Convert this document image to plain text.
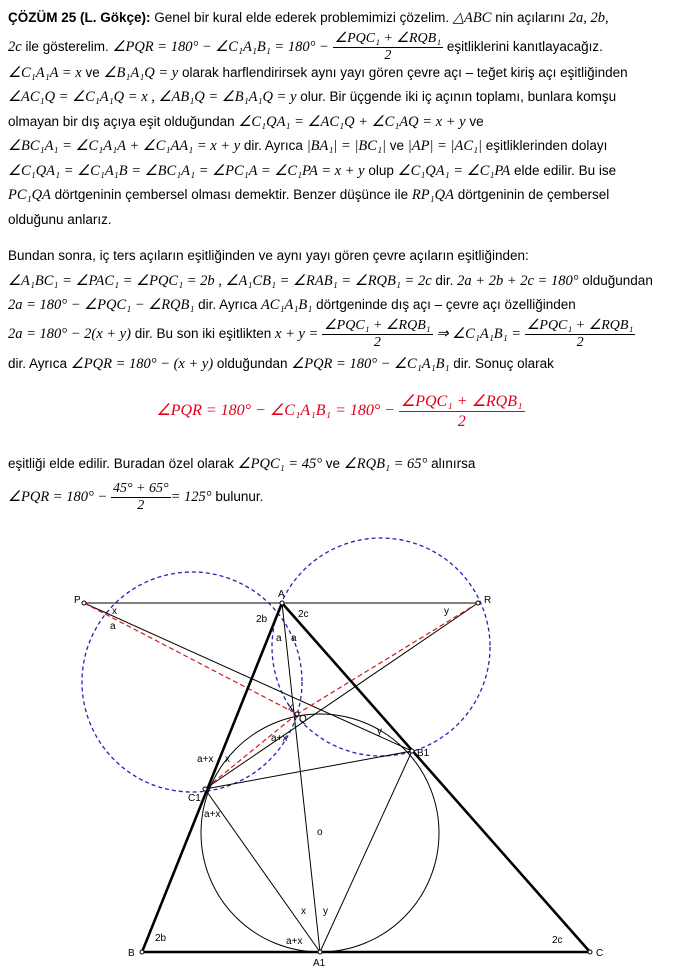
ÇÖZÜM 25 (L. Gökçe): Genel bir kural elde ederek problemimizi çözelim. △ABC nin açılarını 2a, 2b,
2c ile gösterelim. ∠PQR = 180° − ∠C₁A₁B₁ = $180^\circ - \frac{\text{∠PQC₁ + ∠RQB₁}}{2}$ eşitliklerini kanıtlayacağız.
∠C₁A₁A = x ve ∠B₁A₁Q = y olarak harflendirirsek aynı yayı gören çevre açı – teğet kiriş açı eşitliğinden
∠AC₁Q = ∠C₁A₁Q = x , ∠AB₁Q = ∠B₁A₁Q = y olur. Bir üçgende iki iç açının toplamı, bunlara komşu
olmayan bir dış açıya eşit olduğundan ∠C₁QA₁ = ∠AC₁Q + ∠C₁AQ = x + y ve
∠BC₁A₁ = ∠C₁A₁A + ∠C₁AA₁ = x + y dir. Ayrıca |BA₁| = |BC₁| ve |AP| = |AC₁| eşitliklerinden dolayı
∠C₁QA₁ = ∠C₁A₁B = ∠BC₁A₁ = ∠PC₁A = ∠C₁PA = x + y olup ∠C₁QA₁ = ∠C₁PA elde edilir. Bu ise
PC₁QA dörtgeninin çembersel olması demektir. Benzer düşünce ile RP₁QA dörtgeninin de çembersel
olduğunu anlarız.
Bundan sonra, iç ters açıların eşitliğinden ve aynı yayı gören çevre açıların eşitliğinden:
∠A₁BC₁ = ∠PAC₁ = ∠PQC₁ = 2b , ∠A₁CB₁ = ∠RAB₁ = ∠RQB₁ = 2c dir. 2a + 2b + 2c = 180° olduğundan
2a = 180° − ∠PQC₁ − ∠RQB₁ dir. Ayrıca AC₁A₁B₁ dörtgeninde dış açı – çevre açı özelliğinden
2a = 180° − 2(x + y) dir. Bu son iki eşitlikten $x + y = \frac{\text{∠PQC₁ + ∠RQB₁}}{2}$ ⇒ ∠C₁A₁B₁ = $\frac{\text{∠PQC₁ + ∠RQB₁}}{2}$
dir. Ayrıca ∠PQR = 180° − (x + y) olduğundan ∠PQR = 180° − ∠C₁A₁B₁ dir. Sonuç olarak
∠PQR = 180° − ∠C₁A₁B₁ = $180^\circ - \frac{\text{∠PQC₁ + ∠RQB₁}}{2}$
eşitliği elde edilir. Buradan özel olarak ∠PQC₁ = 45° ve ∠RQB₁ = 65° alınırsa
∠PQR = $180^\circ - \frac{45^\circ + 65^\circ}{2} = 125^\circ$ bulunur.
A
B	C
P	R
Q
A1
B1
C1
o
x
a
y
2b	2c
a a
x
y
a+x
a+x x
a+x
x y
a+x
2b	2c
